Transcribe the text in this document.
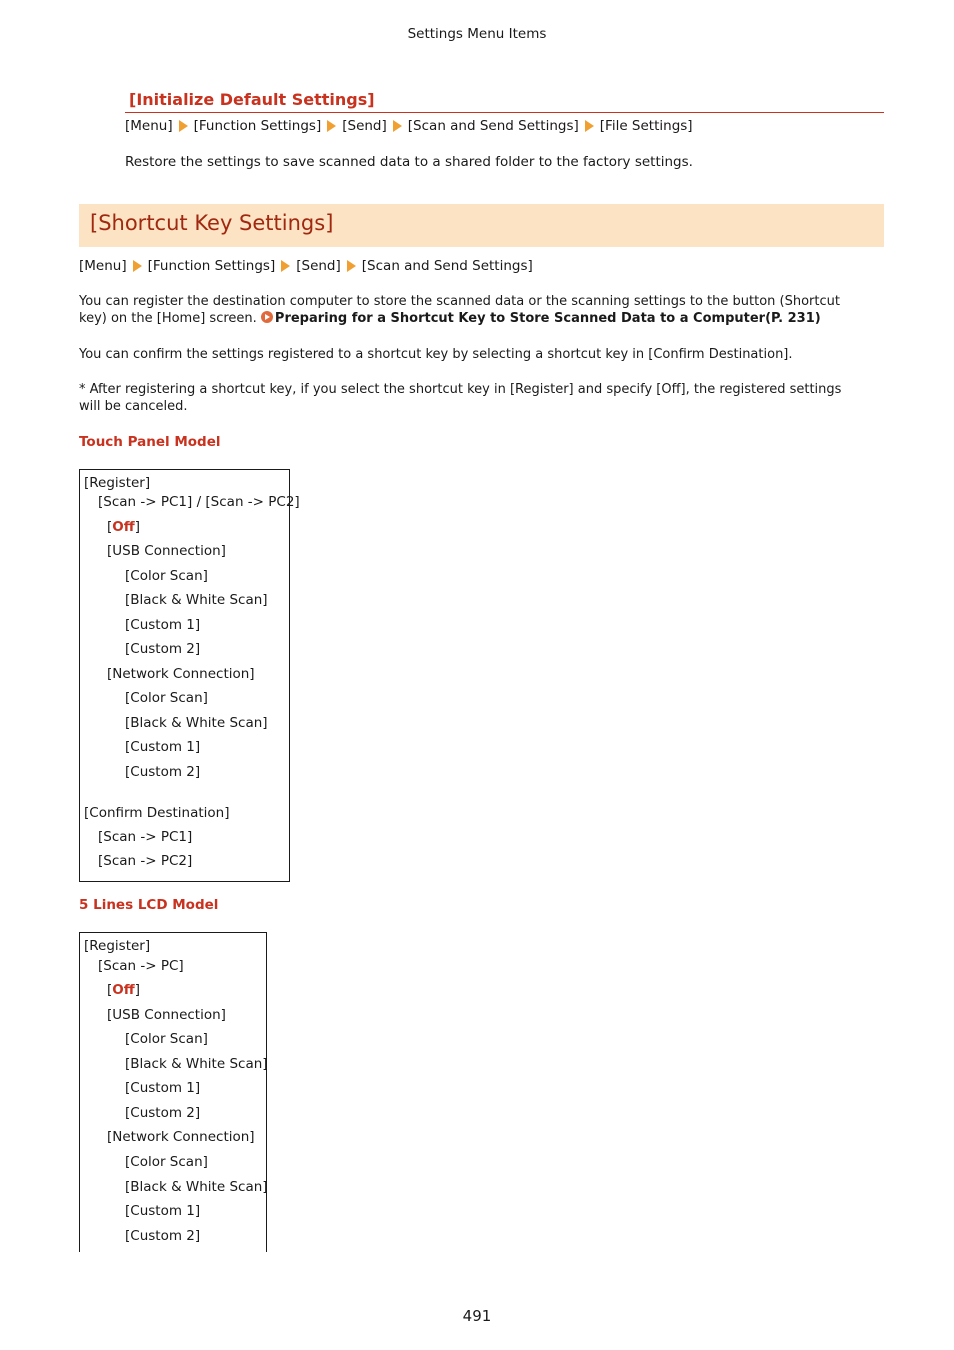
Settings Menu Items
[Initialize Default Settings]
[Menu] [Function Settings] [Send] [Scan and Send Settings] [File Settings]
Restore the settings to save scanned data to a shared folder to the factory settings.
[Shortcut Key Settings]
[Menu] [Function Settings] [Send] [Scan and Send Settings]
You can register the destination computer to store the scanned data or the scanning settings to the button (Shortcut
key) on the [Home] screen. Preparing for a Shortcut Key to Store Scanned Data to a Computer(P. 231)
You can confirm the settings registered to a shortcut key by selecting a shortcut key in [Confirm Destination].
* After registering a shortcut key, if you select the shortcut key in [Register] and specify [Off], the registered settings
will be canceled.
Touch Panel Model
[Register]
[Scan -> PC1] / [Scan -> PC2]
[Off]
[USB Connection]
[Color Scan]
[Black & White Scan]
[Custom 1]
[Custom 2]
[Network Connection]
[Color Scan]
[Black & White Scan]
[Custom 1]
[Custom 2]
[Confirm Destination]
[Scan -> PC1]
[Scan -> PC2]
5 Lines LCD Model
[Register]
[Scan -> PC]
[Off]
[USB Connection]
[Color Scan]
[Black & White Scan]
[Custom 1]
[Custom 2]
[Network Connection]
[Color Scan]
[Black & White Scan]
[Custom 1]
[Custom 2]
491
